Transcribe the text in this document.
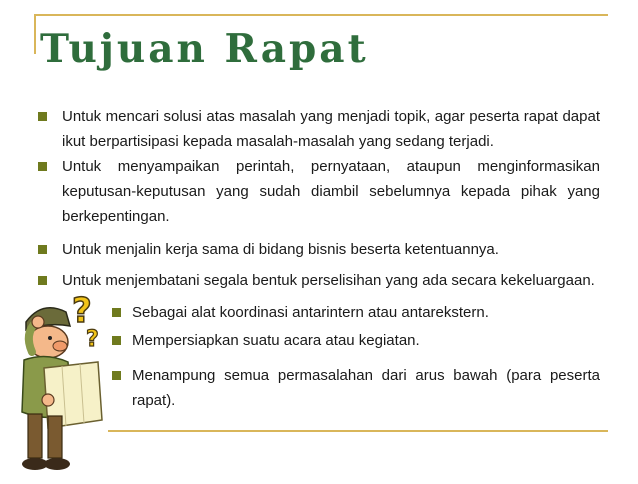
Tujuan Rapat
Untuk mencari solusi atas masalah yang menjadi topik, agar peserta rapat dapat ikut berpartisipasi kepada masalah-masalah yang sedang terjadi.
Untuk menyampaikan perintah, pernyataan, ataupun menginformasikan keputusan-keputusan yang sudah diambil sebelumnya kepada pihak yang berkepentingan.
Untuk menjalin kerja sama di bidang bisnis beserta ketentuannya.
Untuk menjembatani segala bentuk perselisihan yang ada secara kekeluargaan.
Sebagai alat koordinasi antarintern atau antarekstern.
Mempersiapkan suatu acara atau kegiatan.
Menampung semua permasalahan dari arus bawah (para peserta rapat).
?
?
